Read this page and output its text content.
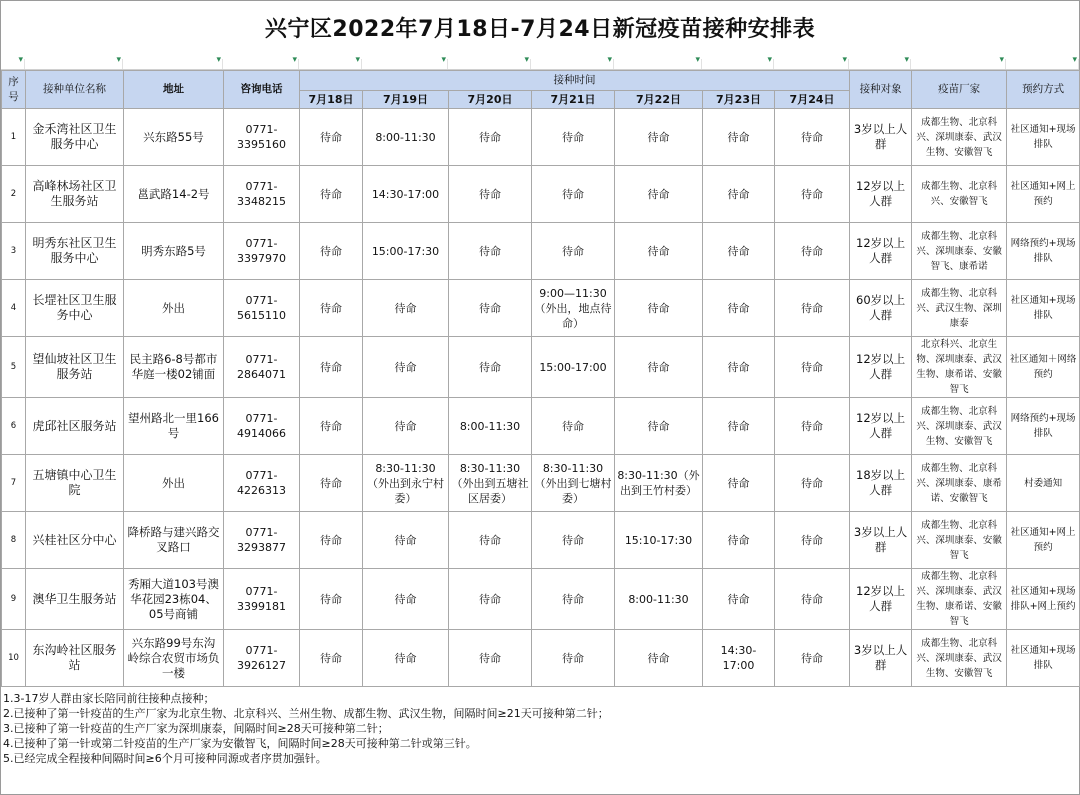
兴宁区2022年7月18日-7月24日新冠疫苗接种安排表
▾
▾
▾
▾
▾
▾
▾
▾
▾
▾
▾
▾
▾
▾
序号	接种单位名称	地址	咨询电话	接种时间							接种对象	疫苗厂家	预约方式
				7月18日	7月19日	7月20日	7月21日	7月22日	7月23日	7月24日			
1	金禾湾社区卫生服务中心	兴东路55号	0771-3395160	待命	8:00-11:30	待命	待命	待命	待命	待命	3岁以上人群	成都生物、北京科兴、深圳康泰、武汉生物、安徽智飞	社区通知+现场排队
2	高峰林场社区卫生服务站	邕武路14-2号	0771-3348215	待命	14:30-17:00	待命	待命	待命	待命	待命	12岁以上人群	成都生物、北京科兴、安徽智飞	社区通知+网上预约
3	明秀东社区卫生服务中心	明秀东路5号	0771-3397970	待命	15:00-17:30	待命	待命	待命	待命	待命	12岁以上人群	成都生物、北京科兴、深圳康泰、安徽智飞、康希诺	网络预约+现场排队
4	长堽社区卫生服务中心	外出	0771-5615110	待命	待命	待命	9:00—11:30（外出，地点待命）	待命	待命	待命	60岁以上人群	成都生物、北京科兴、武汉生物、深圳康泰	社区通知+现场排队
5	望仙坡社区卫生服务站	民主路6-8号都市华庭一楼02铺面	0771-2864071	待命	待命	待命	15:00-17:00	待命	待命	待命	12岁以上人群	北京科兴、北京生物、深圳康泰、武汉生物、康希诺、安徽智飞	社区通知＋网络预约
6	虎邱社区服务站	望州路北一里166号	0771-4914066	待命	待命	8:00-11:30	待命	待命	待命	待命	12岁以上人群	成都生物、北京科兴、深圳康泰、武汉生物、安徽智飞	网络预约+现场排队
7	五塘镇中心卫生院	外出	0771-4226313	待命	8:30-11:30（外出到永宁村委）	8:30-11:30（外出到五塘社区居委）	8:30-11:30（外出到七塘村委）	8:30-11:30（外出到王竹村委）	待命	待命	18岁以上人群	成都生物、北京科兴、深圳康泰、康希诺、安徽智飞	村委通知
8	兴桂社区分中心	降桥路与建兴路交叉路口	0771-3293877	待命	待命	待命	待命	15:10-17:30	待命	待命	3岁以上人群	成都生物、北京科兴、深圳康泰、安徽智飞	社区通知+网上预约
9	澳华卫生服务站	秀厢大道103号澳华花园23栋04、05号商铺	0771-3399181	待命	待命	待命	待命	8:00-11:30	待命	待命	12岁以上人群	成都生物、北京科兴、深圳康泰、武汉生物、康希诺、安徽智飞	社区通知+现场排队+网上预约
10	东沟岭社区服务站	兴东路99号东沟岭综合农贸市场负一楼	0771-3926127	待命	待命	待命	待命	待命	14:30-17:00	待命	3岁以上人群	成都生物、北京科兴、深圳康泰、武汉生物、安徽智飞	社区通知+现场排队
1.3-17岁人群由家长陪同前往接种点接种；
2.已接种了第一针疫苗的生产厂家为北京生物、北京科兴、兰州生物、成都生物、武汉生物，间隔时间≥21天可接种第二针；
3.已接种了第一针疫苗的生产厂家为深圳康泰，间隔时间≥28天可接种第二针；
4.已接种了第一针或第二针疫苗的生产厂家为安徽智飞，间隔时间≥28天可接种第二针或第三针。
5.已经完成全程接种间隔时间≥6个月可接种同源或者序贯加强针。
